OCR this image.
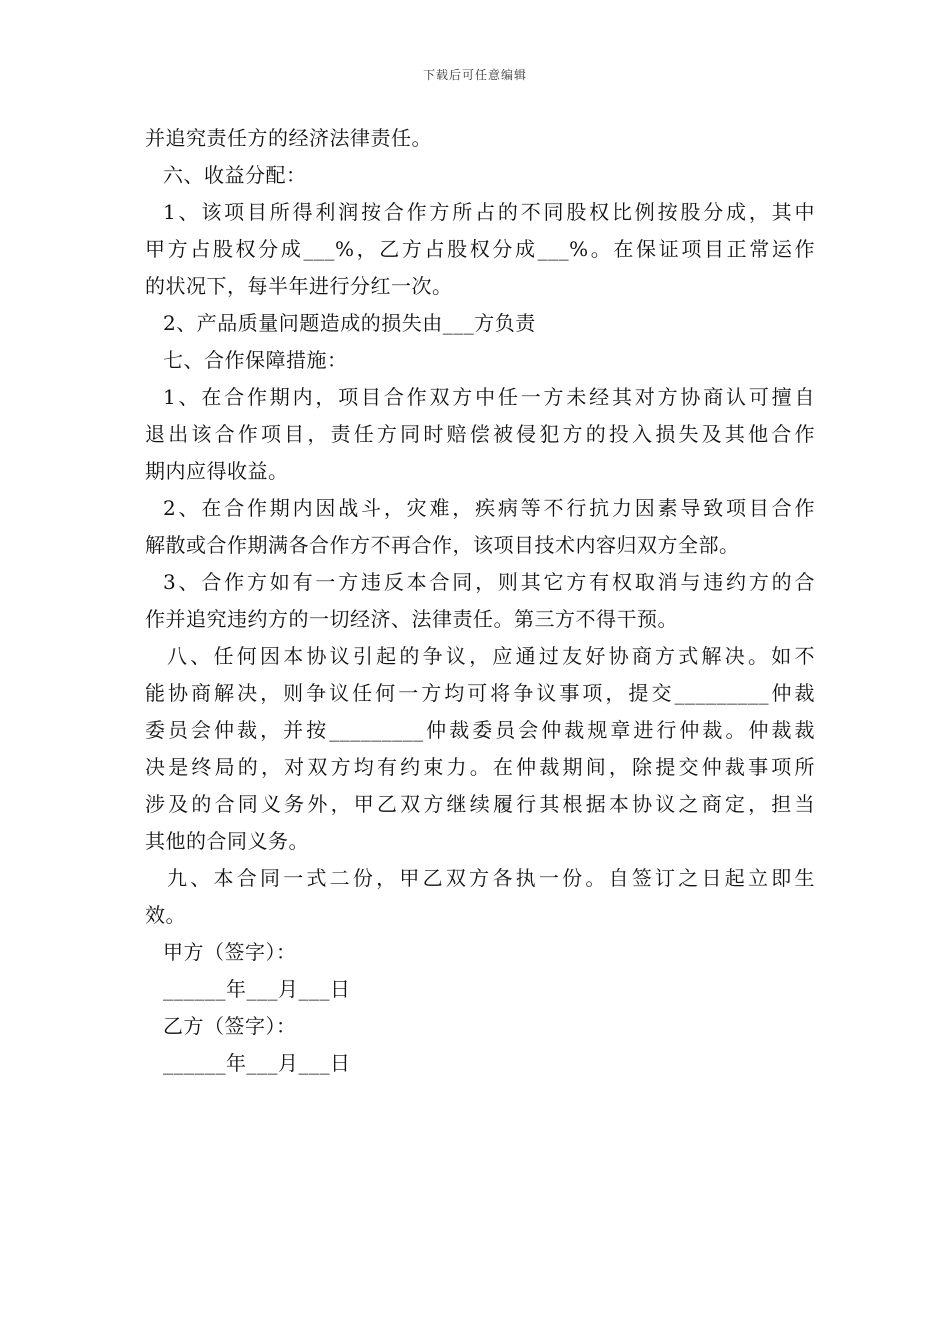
下载后可任意编辑
并追究责任方的经济法律责任。
六、收益分配：
1、该项目所得利润按合作方所占的不同股权比例按股分成，其中
甲方占股权分成___%，乙方占股权分成___%。在保证项目正常运作
的状况下，每半年进行分红一次。
2、产品质量问题造成的损失由___方负责
七、合作保障措施：
1、在合作期内，项目合作双方中任一方未经其对方协商认可擅自
退出该合作项目，责任方同时赔偿被侵犯方的投入损失及其他合作
期内应得收益。
2、在合作期内因战斗，灾难，疾病等不行抗力因素导致项目合作
解散或合作期满各合作方不再合作，该项目技术内容归双方全部。
3、合作方如有一方违反本合同，则其它方有权取消与违约方的合
作并追究违约方的一切经济、法律责任。第三方不得干预。
八、任何因本协议引起的争议，应通过友好协商方式解决。如不
能协商解决，则争议任何一方均可将争议事项，提交_________仲裁
委员会仲裁，并按_________仲裁委员会仲裁规章进行仲裁。仲裁裁
决是终局的，对双方均有约束力。在仲裁期间，除提交仲裁事项所
涉及的合同义务外，甲乙双方继续履行其根据本协议之商定，担当
其他的合同义务。
九、本合同一式二份，甲乙双方各执一份。自签订之日起立即生
效。
甲方（签字）：
______年___月___日
乙方（签字）：
______年___月___日
